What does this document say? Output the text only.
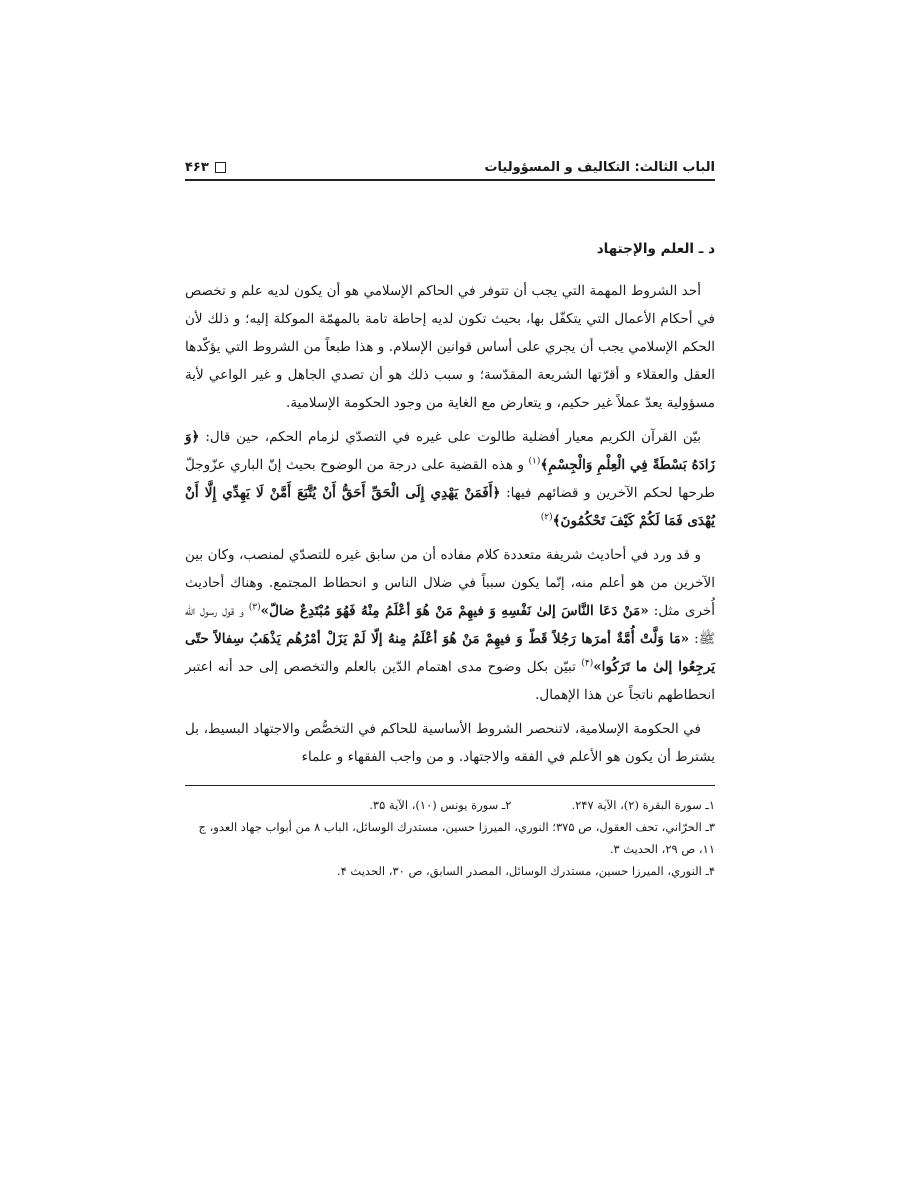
الباب الثالث: التكاليف و المسؤوليات
۴۶۳
د ـ العلم والإجتهاد

أحد الشروط المهمة التي يجب أن تتوفر في الحاكم الإسلامي هو أن يكون لديه علم و تخصص في أحكام الأعمال التي يتكفّل بها، بحيث تكون لديه إحاطة تامة بالمهمّة الموكلة إليه؛ و ذلك لأن الحكم الإسلامي يجب أن يجري على أساس قوانين الإسلام. و هذا طبعاً من الشروط التي يؤكّدها العقل والعقلاء و أقرّتها الشريعة المقدّسة؛ و سبب ذلك هو أن تصدي الجاهل و غير الواعي لأية مسؤولية يعدّ عملاً غير حكيم، و يتعارض مع الغاية من وجود الحكومة الإسلامية.

بيّن القرآن الكريم معيار أفضلية طالوت على غيره في التصدّي لزمام الحكم، حين قال: ﴿وَ زَادَهُ بَسْطَةً فِي الْعِلْمِ وَالْجِسْمِ﴾$^{(۱)}$ و هذه القضية على درجة من الوضوح بحيث إنّ الباري عزّوجلّ طرحها لحكم الآخرين و قضائهم فيها: ﴿أَفَمَنْ يَهْدِي إِلَى الْحَقِّ أَحَقُّ أَنْ يُتَّبَعَ أَمَّنْ لَا يَهِدِّي إِلَّا أَنْ يُهْدَى فَمَا لَكُمْ كَيْفَ تَحْكُمُونَ﴾$^{(۲)}$

و قد ورد في أحاديث شريفة متعددة كلام مفاده أن من سابق غيره للتصدّي لمنصب، وكان بين الآخرين من هو أعلم منه، إنّما يكون سبباً في ضلال الناس و انحطاط المجتمع. وهناك أحاديث أُخرى مثل: «مَنْ دَعَا النَّاسَ إلىٰ نَفْسِهِ وَ فيهِمْ مَنْ هُوَ أعْلَمُ مِنْهُ فَهُوَ مُبْتَدِعٌ ضالّ»$^{(۳)}$ و قول رسول الله ﷺ: «مَا وَلَّتْ أُمَّةٌ أمرَها رَجُلاً قَطّ وَ فيهِمْ مَنْ هُوَ أعْلَمُ مِنهُ إلّا لَمْ يَزَلْ أمْرُهُم يَذْهَبُ سِفالاً حتّى يَرجِعُوا إلىٰ ما تَرَكُوا»$^{(۴)}$ تبيّن بكل وضوح مدى اهتمام الدّين بالعلم والتخصص إلى حد أنه اعتبر انحطاطهم ناتجاً عن هذا الإهمال.

في الحكومة الإسلامية، لاتنحصر الشروط الأساسية للحاكم في التخصُّص والاجتهاد البسيط، بل يشترط أن يكون هو الأعلم في الفقه والاجتهاد. و من واجب الفقهاء و علماء

۱ـ سورة البقرة (۲)، الآية ۲۴۷.
۲ـ سورة يونس (۱۰)، الآية ۳۵.
۳ـ الحرّاني، تحف العقول، ص ۳۷۵؛ النوري، الميرزا حسين، مستدرك الوسائل، الباب ۸ من أبواب جهاد العدو، ج ۱۱، ص ۲۹، الحديث ۳.
۴ـ النوري، الميرزا حسين، مستدرك الوسائل، المصدر السابق، ص ۳۰، الحديث ۴.
